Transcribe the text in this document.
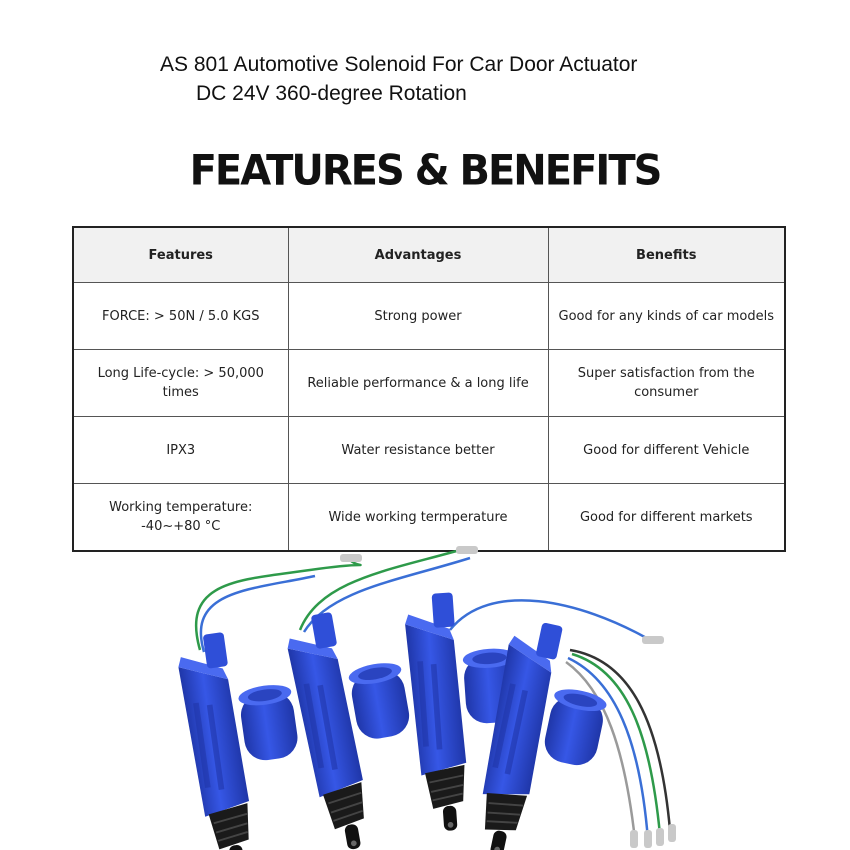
AS 801 Automotive Solenoid For Car Door Actuator
DC 24V 360-degree Rotation
FEATURES & BENEFITS
Features	Advantages	Benefits
FORCE: > 50N / 5.0 KGS	Strong power	Good for any kinds of car models
Long Life-cycle: > 50,000 times	Reliable performance & a long life	Super satisfaction from the consumer
IPX3	Water resistance better	Good for different Vehicle
Working temperature: -40~+80 °C	Wide working termperature	Good for different markets
